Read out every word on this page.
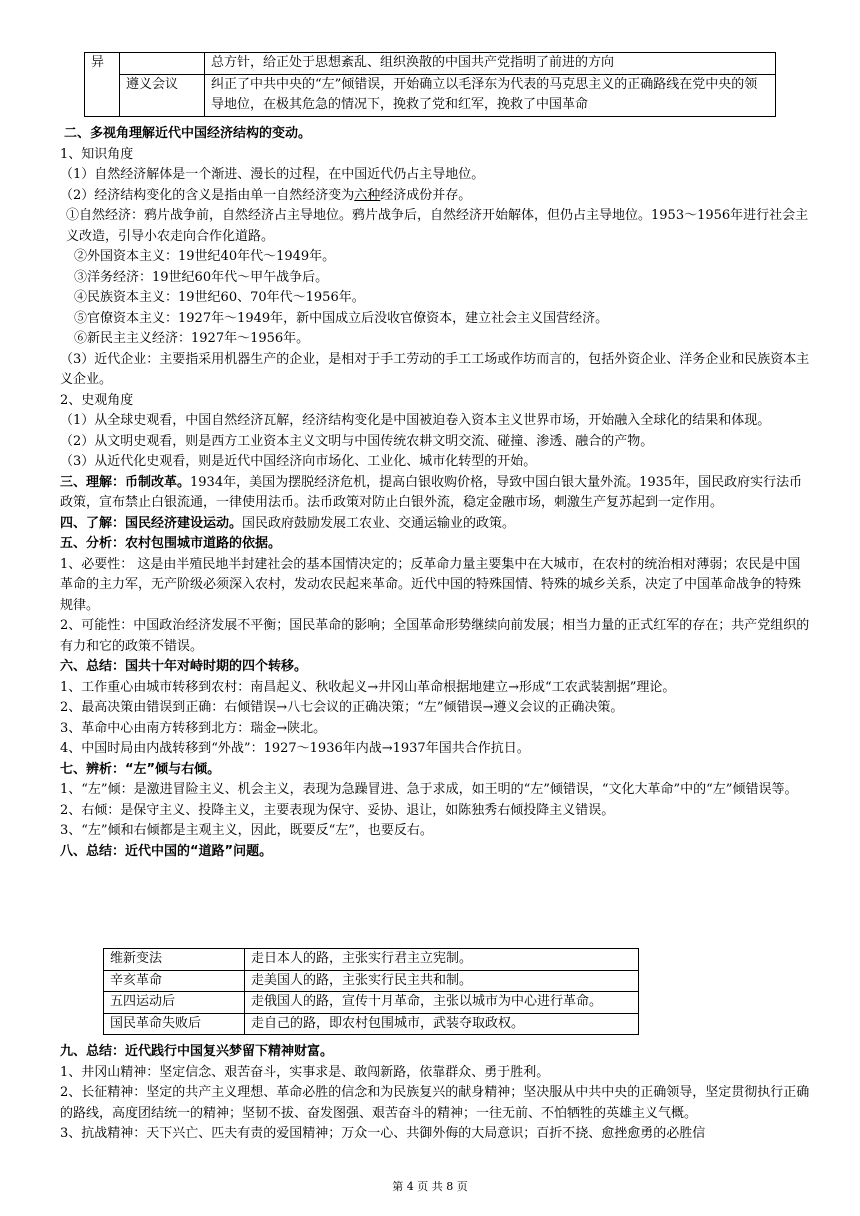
异		总方针，给正处于思想紊乱、组织涣散的中国共产党指明了前进的方向
	遵义会议	纠正了中共中央的“左”倾错误，开始确立以毛泽东为代表的马克思主义的正确路线在党中央的领导地位，在极其危急的情况下，挽救了党和红军，挽救了中国革命

二、多视角理解近代中国经济结构的变动。

1、知识角度

（1）自然经济解体是一个渐进、漫长的过程，在中国近代仍占主导地位。

（2）经济结构变化的含义是指由单一自然经济变为六种经济成份并存。

①自然经济：鸦片战争前，自然经济占主导地位。鸦片战争后，自然经济开始解体，但仍占主导地位。1953～1956年进行社会主义改造，引导小农走向合作化道路。

②外国资本主义：19世纪40年代～1949年。

③洋务经济：19世纪60年代～甲午战争后。

④民族资本主义：19世纪60、70年代～1956年。

⑤官僚资本主义：1927年～1949年，新中国成立后没收官僚资本，建立社会主义国营经济。

⑥新民主主义经济：1927年～1956年。

（3）近代企业：主要指采用机器生产的企业，是相对于手工劳动的手工工场或作坊而言的，包括外资企业、洋务企业和民族资本主义企业。

2、史观角度

（1）从全球史观看，中国自然经济瓦解，经济结构变化是中国被迫卷入资本主义世界市场，开始融入全球化的结果和体现。

（2）从文明史观看，则是西方工业资本主义文明与中国传统农耕文明交流、碰撞、渗透、融合的产物。

（3）从近代化史观看，则是近代中国经济向市场化、工业化、城市化转型的开始。

三、理解：币制改革。1934年，美国为摆脱经济危机，提高白银收购价格，导致中国白银大量外流。1935年，国民政府实行法币政策，宣布禁止白银流通，一律使用法币。法币政策对防止白银外流，稳定金融市场，刺激生产复苏起到一定作用。

四、了解：国民经济建设运动。国民政府鼓励发展工农业、交通运输业的政策。

五、分析：农村包围城市道路的依据。

1、必要性： 这是由半殖民地半封建社会的基本国情决定的；反革命力量主要集中在大城市，在农村的统治相对薄弱；农民是中国革命的主力军，无产阶级必须深入农村，发动农民起来革命。近代中国的特殊国情、特殊的城乡关系，决定了中国革命战争的特殊规律。

2、可能性：中国政治经济发展不平衡；国民革命的影响；全国革命形势继续向前发展；相当力量的正式红军的存在；共产党组织的有力和它的政策不错误。

六、总结：国共十年对峙时期的四个转移。

1、工作重心由城市转移到农村：南昌起义、秋收起义→井冈山革命根据地建立→形成“工农武装割据”理论。

2、最高决策由错误到正确：右倾错误→八七会议的正确决策；“左”倾错误→遵义会议的正确决策。

3、革命中心由南方转移到北方：瑞金→陕北。

4、中国时局由内战转移到“外战”：1927～1936年内战→1937年国共合作抗日。

七、辨析：“左”倾与右倾。

1、“左”倾：是激进冒险主义、机会主义，表现为急躁冒进、急于求成，如王明的“左”倾错误，“文化大革命”中的“左”倾错误等。

2、右倾：是保守主义、投降主义，主要表现为保守、妥协、退让，如陈独秀右倾投降主义错误。

3、“左”倾和右倾都是主观主义，因此，既要反“左”，也要反右。

八、总结：近代中国的“道路”问题。

维新变法	走日本人的路，主张实行君主立宪制。
辛亥革命	走美国人的路，主张实行民主共和制。
五四运动后	走俄国人的路，宣传十月革命，主张以城市为中心进行革命。
国民革命失败后	走自己的路，即农村包围城市，武装夺取政权。

九、总结：近代践行中国复兴梦留下精神财富。

1、井冈山精神：坚定信念、艰苦奋斗，实事求是、敢闯新路，依靠群众、勇于胜利。

2、长征精神：坚定的共产主义理想、革命必胜的信念和为民族复兴的献身精神；坚决服从中共中央的正确领导，坚定贯彻执行正确的路线，高度团结统一的精神；坚韧不拔、奋发图强、艰苦奋斗的精神；一往无前、不怕牺牲的英雄主义气概。

3、抗战精神：天下兴亡、匹夫有责的爱国精神；万众一心、共御外侮的大局意识；百折不挠、愈挫愈勇的必胜信

第 4 页 共 8 页
